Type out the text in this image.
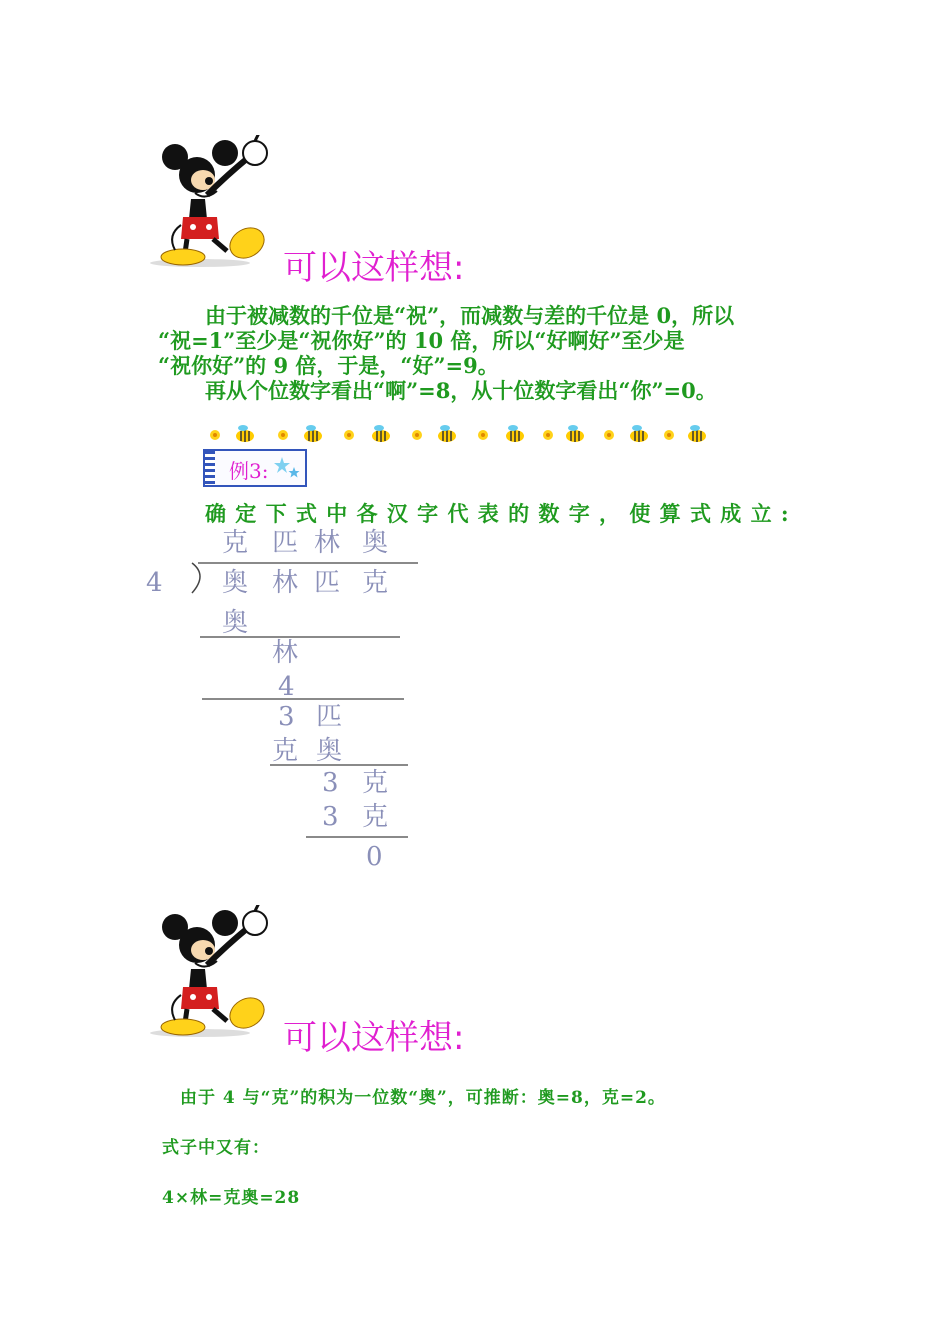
可以这样想:
由于被减数的千位是“祝”，而减数与差的千位是 0，所以
“祝=1”至少是“祝你好”的 10 倍，所以“好啊好”至少是
“祝你好”的 9 倍，于是，“好”=9。
再从个位数字看出“啊”=8，从十位数字看出“你”=0。
例3:
确 定 下 式 中 各 汉 字 代 表 的 数 字 ， 使 算 式 成 立 :
克 匹 林 奥
4 奥 林 匹 克
奥
林
4
3 匹
克 奥
3 克
3 克
0
可以这样想:
由于 4 与“克”的积为一位数“奥”，可推断：奥=8，克=2。
式子中又有：
4×林=克奥=28
